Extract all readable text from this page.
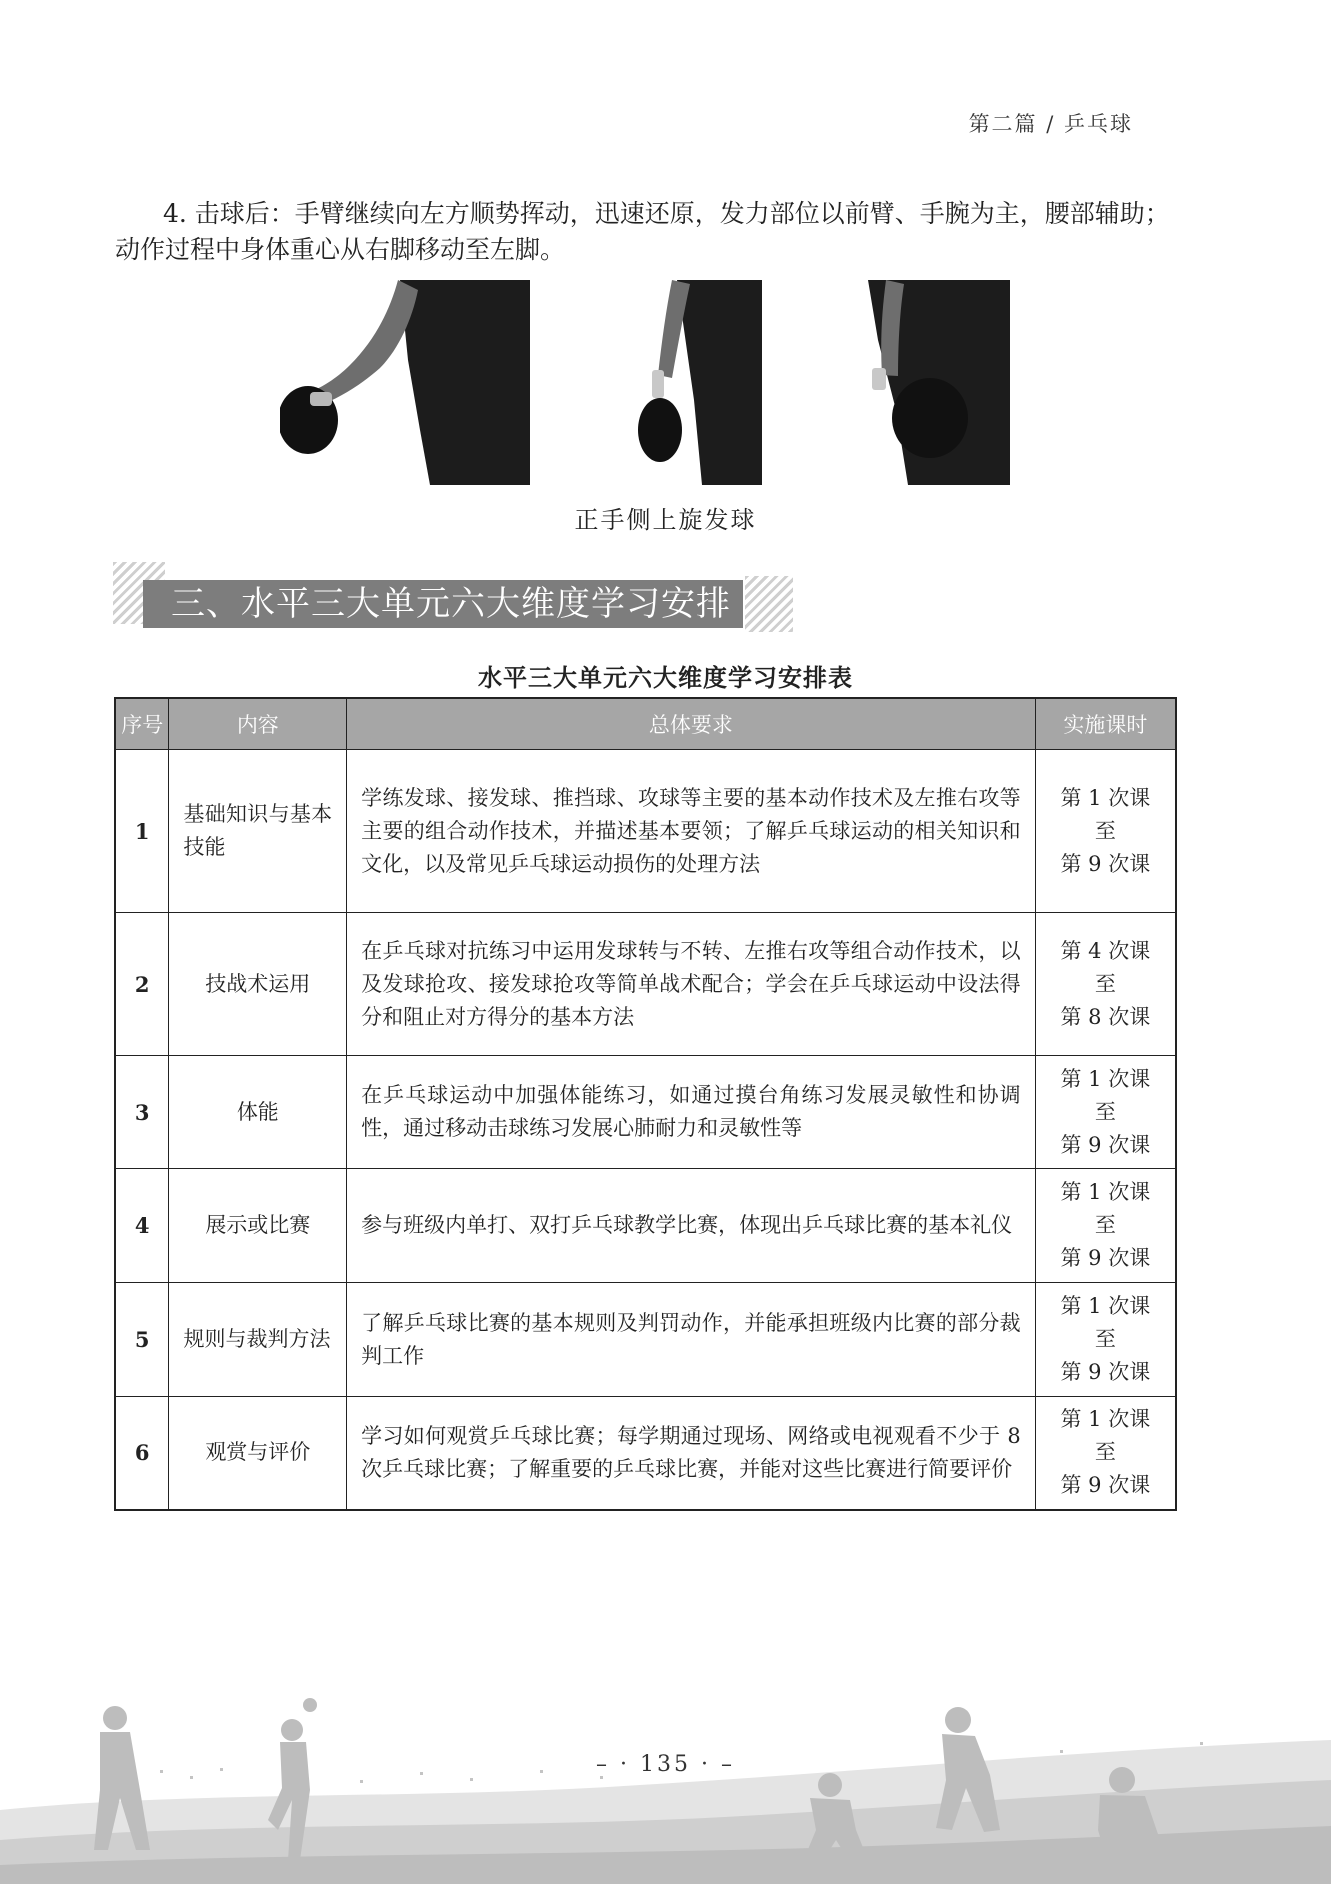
第二篇 / 乒乓球
4. 击球后：手臂继续向左方顺势挥动，迅速还原，发力部位以前臂、手腕为主，腰部辅助；动作过程中身体重心从右脚移动至左脚。
正手侧上旋发球
三、水平三大单元六大维度学习安排
水平三大单元六大维度学习安排表
序号	内容	总体要求	实施课时
1	基础知识与基本技能	学练发球、接发球、推挡球、攻球等主要的基本动作技术及左推右攻等主要的组合动作技术，并描述基本要领；了解乒乓球运动的相关知识和文化，以及常见乒乓球运动损伤的处理方法	第 1 次课
至
第 9 次课

2	技战术运用	在乒乓球对抗练习中运用发球转与不转、左推右攻等组合动作技术，以及发球抢攻、接发球抢攻等简单战术配合；学会在乒乓球运动中设法得分和阻止对方得分的基本方法	第 4 次课
至
第 8 次课

3	体能	在乒乓球运动中加强体能练习，如通过摸台角练习发展灵敏性和协调性，通过移动击球练习发展心肺耐力和灵敏性等	第 1 次课
至
第 9 次课

4	展示或比赛	参与班级内单打、双打乒乓球教学比赛，体现出乒乓球比赛的基本礼仪	第 1 次课
至
第 9 次课

5	规则与裁判方法	了解乒乓球比赛的基本规则及判罚动作，并能承担班级内比赛的部分裁判工作	第 1 次课
至
第 9 次课

6	观赏与评价	学习如何观赏乒乓球比赛；每学期通过现场、网络或电视观看不少于 8 次乒乓球比赛；了解重要的乒乓球比赛，并能对这些比赛进行简要评价	第 1 次课
至
第 9 次课
– · 135 · –
